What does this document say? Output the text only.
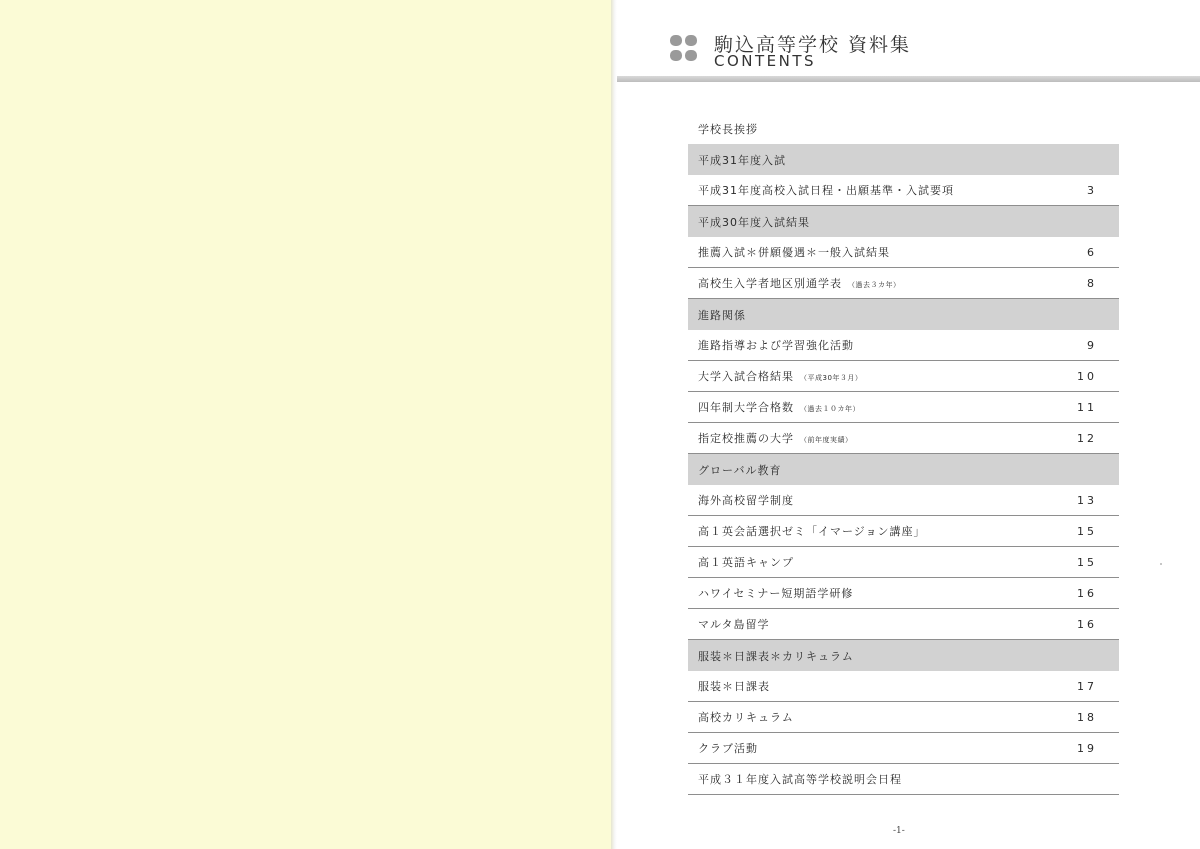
駒込高等学校 資料集
CONTENTS
学校長挨拶
平成31年度入試
平成31年度高校入試日程・出願基準・入試要項	3
平成30年度入試結果
推薦入試＊併願優遇＊一般入試結果	6
高校生入学者地区別通学表 （過去３カ年）	8
進路関係
進路指導および学習強化活動	9
大学入試合格結果 （平成30年３月）	10
四年制大学合格数 （過去１０カ年）	11
指定校推薦の大学 （前年度実績）	12
グローバル教育
海外高校留学制度	13
高１英会話選択ゼミ「イマージョン講座」	15
高１英語キャンプ	15
ハワイセミナー短期語学研修	16
マルタ島留学	16
服装＊日課表＊カリキュラム
服装＊日課表	17
高校カリキュラム	18
クラブ活動	19
平成３１年度入試高等学校説明会日程
-1-
